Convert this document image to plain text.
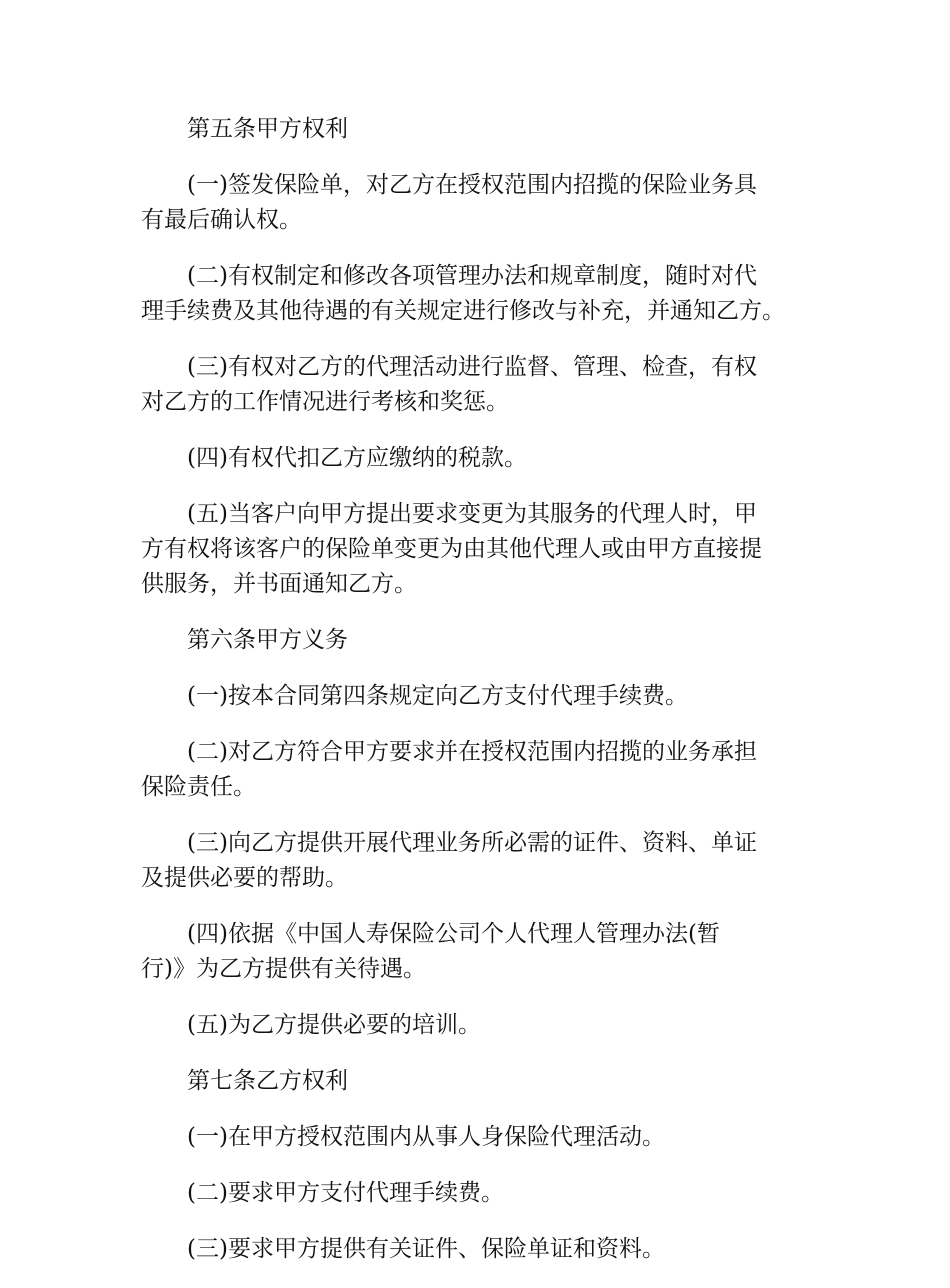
第五条甲方权利

(一)签发保险单，对乙方在授权范围内招揽的保险业务具
有最后确认权。

(二)有权制定和修改各项管理办法和规章制度，随时对代
理手续费及其他待遇的有关规定进行修改与补充，并通知乙方。

(三)有权对乙方的代理活动进行监督、管理、检查，有权
对乙方的工作情况进行考核和奖惩。

(四)有权代扣乙方应缴纳的税款。

(五)当客户向甲方提出要求变更为其服务的代理人时，甲
方有权将该客户的保险单变更为由其他代理人或由甲方直接提
供服务，并书面通知乙方。

第六条甲方义务

(一)按本合同第四条规定向乙方支付代理手续费。

(二)对乙方符合甲方要求并在授权范围内招揽的业务承担
保险责任。

(三)向乙方提供开展代理业务所必需的证件、资料、单证
及提供必要的帮助。

(四)依据《中国人寿保险公司个人代理人管理办法(暂
行)》为乙方提供有关待遇。

(五)为乙方提供必要的培训。

第七条乙方权利

(一)在甲方授权范围内从事人身保险代理活动。

(二)要求甲方支付代理手续费。

(三)要求甲方提供有关证件、保险单证和资料。
